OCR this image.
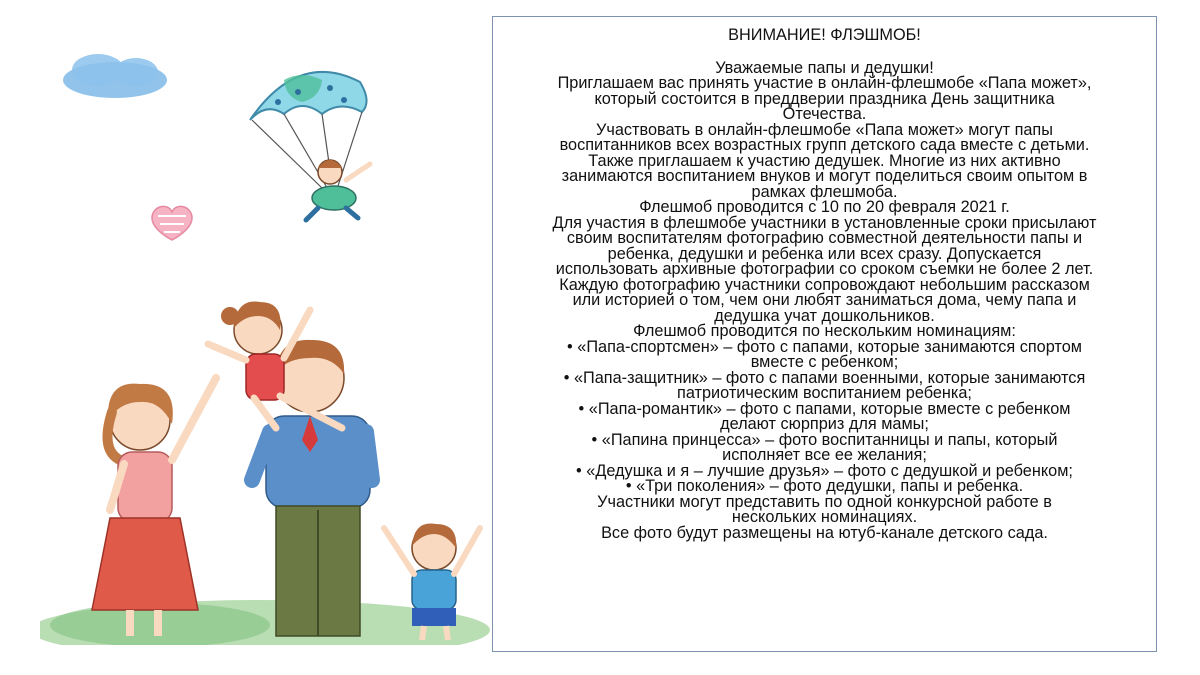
ВНИМАНИЕ! ФЛЭШМОБ!
Уважаемые папы и дедушки!
Приглашаем вас принять участие в онлайн-флешмобе «Папа может»,
который состоится в преддверии праздника День защитника
Отечества.
Участвовать в онлайн-флешмобе «Папа может» могут папы
воспитанников всех возрастных групп детского сада вместе с детьми.
Также приглашаем к участию дедушек. Многие из них активно
занимаются воспитанием внуков и могут поделиться своим опытом в
рамках флешмоба.
Флешмоб проводится с 10 по 20 февраля 2021 г.
Для участия в флешмобе участники в установленные сроки присылают
своим воспитателям фотографию совместной деятельности папы и
ребенка, дедушки и ребенка или всех сразу. Допускается
использовать архивные фотографии со сроком съемки не более 2 лет.
Каждую фотографию участники сопровождают небольшим рассказом
или историей о том, чем они любят заниматься дома, чему папа и
дедушка учат дошкольников.
Флешмоб проводится по нескольким номинациям:
• «Папа-спортсмен» – фото с папами, которые занимаются спортом
вместе с ребенком;
• «Папа-защитник» – фото с папами военными, которые занимаются
патриотическим воспитанием ребенка;
• «Папа-романтик» – фото с папами, которые вместе с ребенком
делают сюрприз для мамы;
• «Папина принцесса» – фото воспитанницы и папы, который
исполняет все ее желания;
• «Дедушка и я – лучшие друзья» – фото с дедушкой и ребенком;
• «Три поколения» – фото дедушки, папы и ребенка.
Участники могут представить по одной конкурсной работе в
нескольких номинациях.
Все фото будут размещены на ютуб-канале детского сада.
